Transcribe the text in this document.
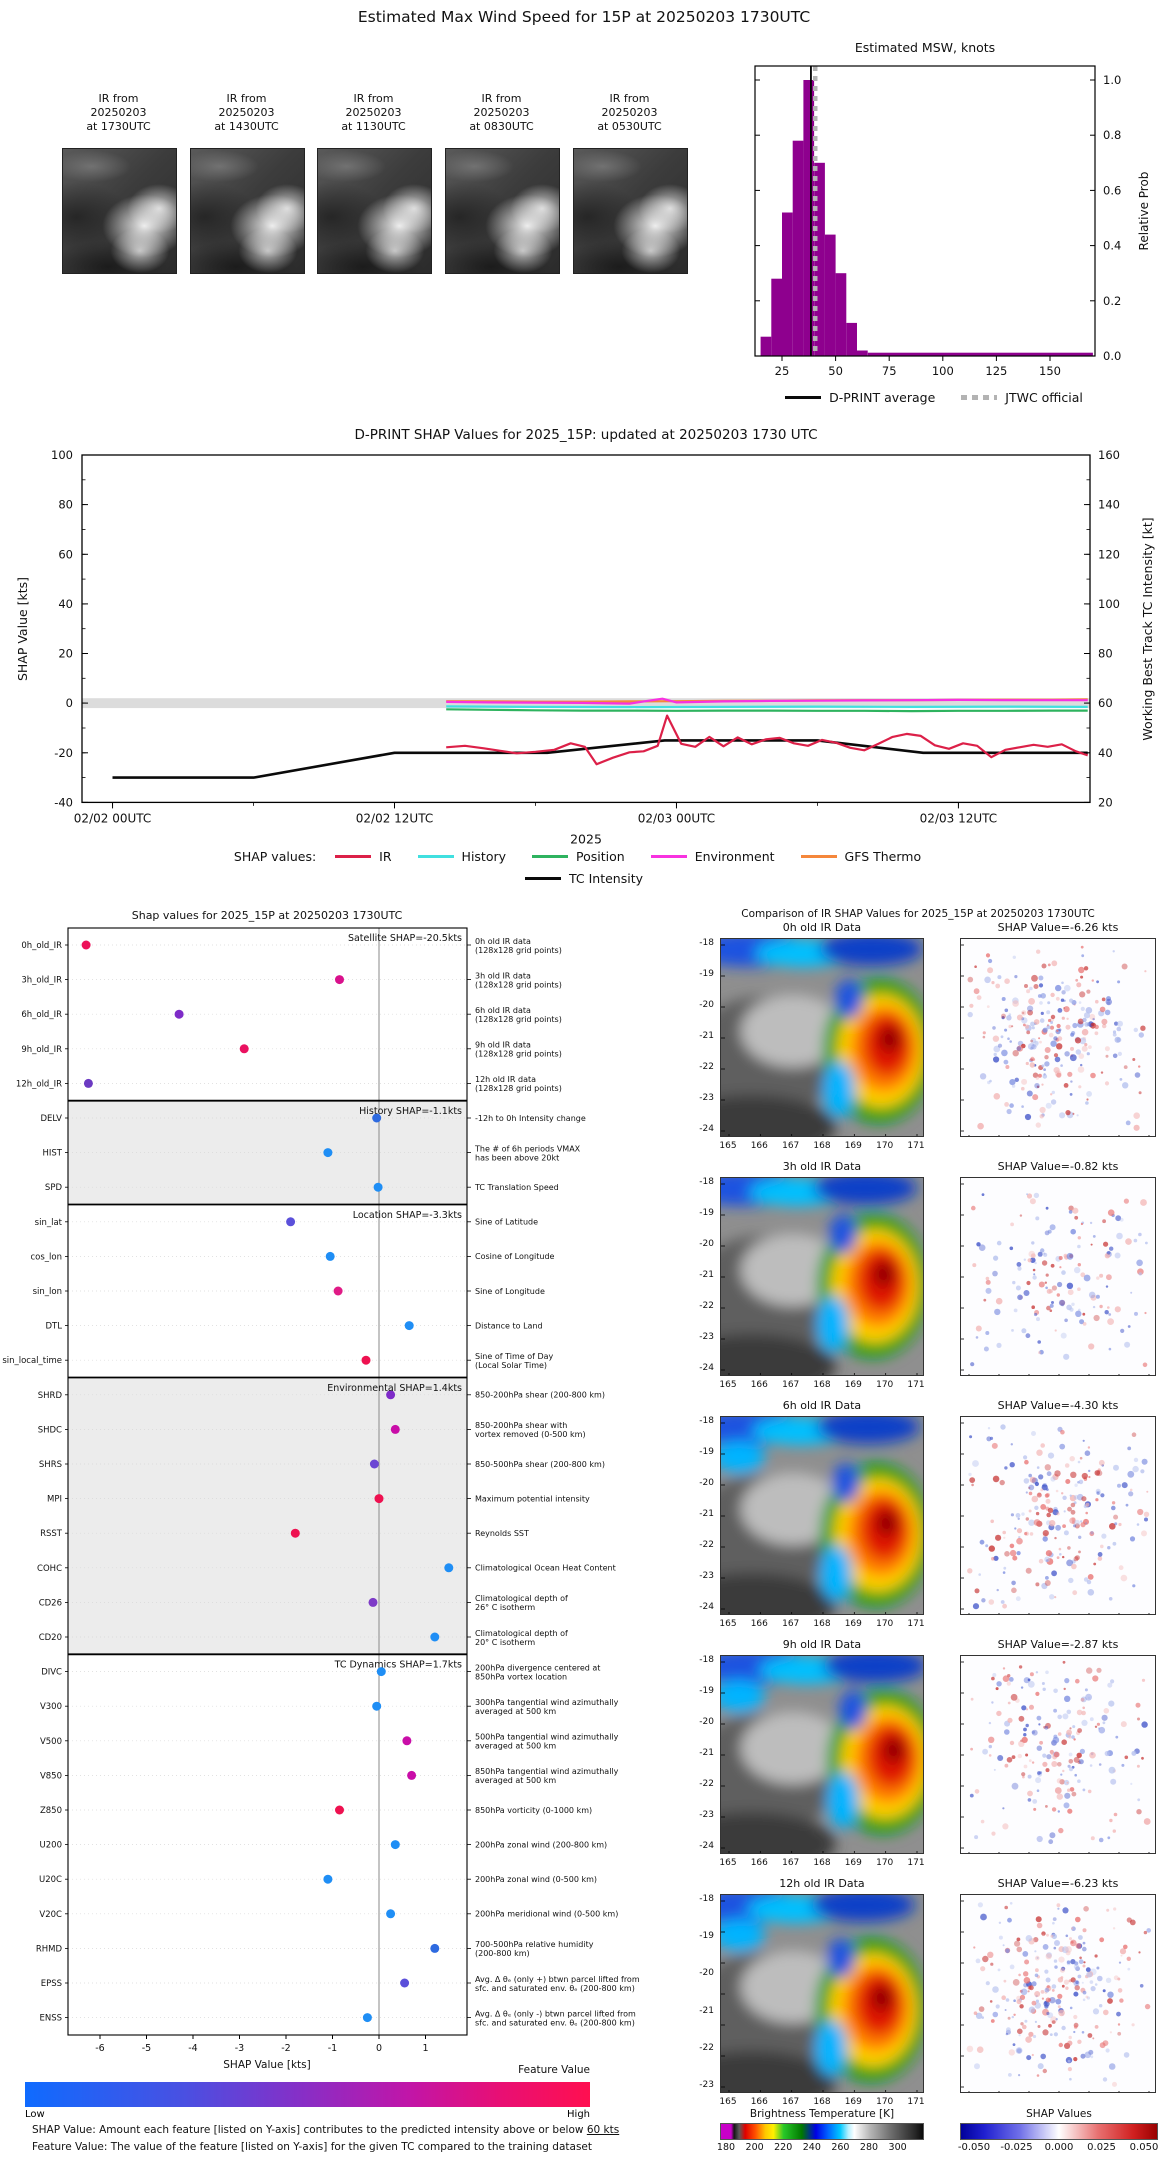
Estimated Max Wind Speed for 15P at 20250203 1730UTC
IR from
20250203
at 1730UTC
IR from
20250203
at 1430UTC
IR from
20250203
at 1130UTC
IR from
20250203
at 0830UTC
IR from
20250203
at 0530UTC
Estimated MSW, knots
25	50	75	100	125	150
0.0
0.2
0.4
0.6
0.8
1.0
Relative Prob
D-PRINT average	JTWC official
D-PRINT SHAP Values for 2025_15P: updated at 20250203 1730 UTC
02/02 00UTC	02/02 12UTC	02/03 00UTC	02/03 12UTC
2025
-40
-20
0
20
40
60
80
100
20
40
60
80
100
120
140
160
SHAP Value [kts]	Working Best Track TC Intensity [kt]
SHAP values:	IR	History	Position	Environment	GFS Thermo
TC Intensity
Shap values for 2025_15P at 20250203 1730UTC
0h_old_IR	0h old IR data (128x128 grid points)
3h_old_IR	3h old IR data (128x128 grid points)
6h_old_IR	6h old IR data (128x128 grid points)
9h_old_IR	9h old IR data (128x128 grid points)
12h_old_IR	12h old IR data (128x128 grid points)
Satellite SHAP=-20.5kts
DELV	-12h to 0h Intensity change
HIST	The # of 6h periods VMAX has been above 20kt
SPD	TC Translation Speed
History SHAP=-1.1kts
sin_lat	Sine of Latitude
cos_lon	Cosine of Longitude
sin_lon	Sine of Longitude
DTL	Distance to Land
sin_local_time	Sine of Time of Day (Local Solar Time)
Location SHAP=-3.3kts
SHRD	850-200hPa shear (200-800 km)
SHDC	850-200hPa shear with vortex removed (0-500 km)
SHRS	850-500hPa shear (200-800 km)
MPI	Maximum potential intensity
RSST	Reynolds SST
COHC	Climatological Ocean Heat Content
CD26	Climatological depth of 26° C isotherm
CD20	Climatological depth of 20° C isotherm
Environmental SHAP=1.4kts
DIVC	200hPa divergence centered at 850hPa vortex location
V300	300hPa tangential wind azimuthally averaged at 500 km
V500	500hPa tangential wind azimuthally averaged at 500 km
V850	850hPa tangential wind azimuthally averaged at 500 km
Z850	850hPa vorticity (0-1000 km)
U200	200hPa zonal wind (200-800 km)
U20C	200hPa zonal wind (0-500 km)
V20C	200hPa meridional wind (0-500 km)
RHMD	700-500hPa relative humidity (200-800 km)
EPSS	Avg. Δ θₑ (only +) btwn parcel lifted from sfc. and saturated env. θₑ (200-800 km)
ENSS	Avg. Δ θₑ (only -) btwn parcel lifted from sfc. and saturated env. θₑ (200-800 km)
TC Dynamics SHAP=1.7kts
-6	-5	-4	-3	-2	-1	0	1
SHAP Value [kts]	Feature Value
Low	High
SHAP Value: Amount each feature [listed on Y-axis] contributes to the predicted intensity above or below 60 kts
Feature Value: The value of the feature [listed on Y-axis] for the given TC compared to the training dataset
Comparison of IR SHAP Values for 2025_15P at 20250203 1730UTC
0h old IR Data	SHAP Value=-6.26 kts
-18
-19
-20
-21
-22
-23
-24
165 166 167 168 169 170 171
3h old IR Data	SHAP Value=-0.82 kts
-18
-19
-20
-21
-22
-23
-24
165 166 167 168 169 170 171
6h old IR Data	SHAP Value=-4.30 kts
-18
-19
-20
-21
-22
-23
-24
165 166 167 168 169 170 171
9h old IR Data	SHAP Value=-2.87 kts
-18
-19
-20
-21
-22
-23
-24
165 166 167 168 169 170 171
12h old IR Data	SHAP Value=-6.23 kts
-18
-19
-20
-21
-22
-23
165 166 167 168 169 170 171
Brightness Temperature [K]
180 200 220 240 260 280 300
SHAP Values
-0.050 -0.025 0.000 0.025 0.050
